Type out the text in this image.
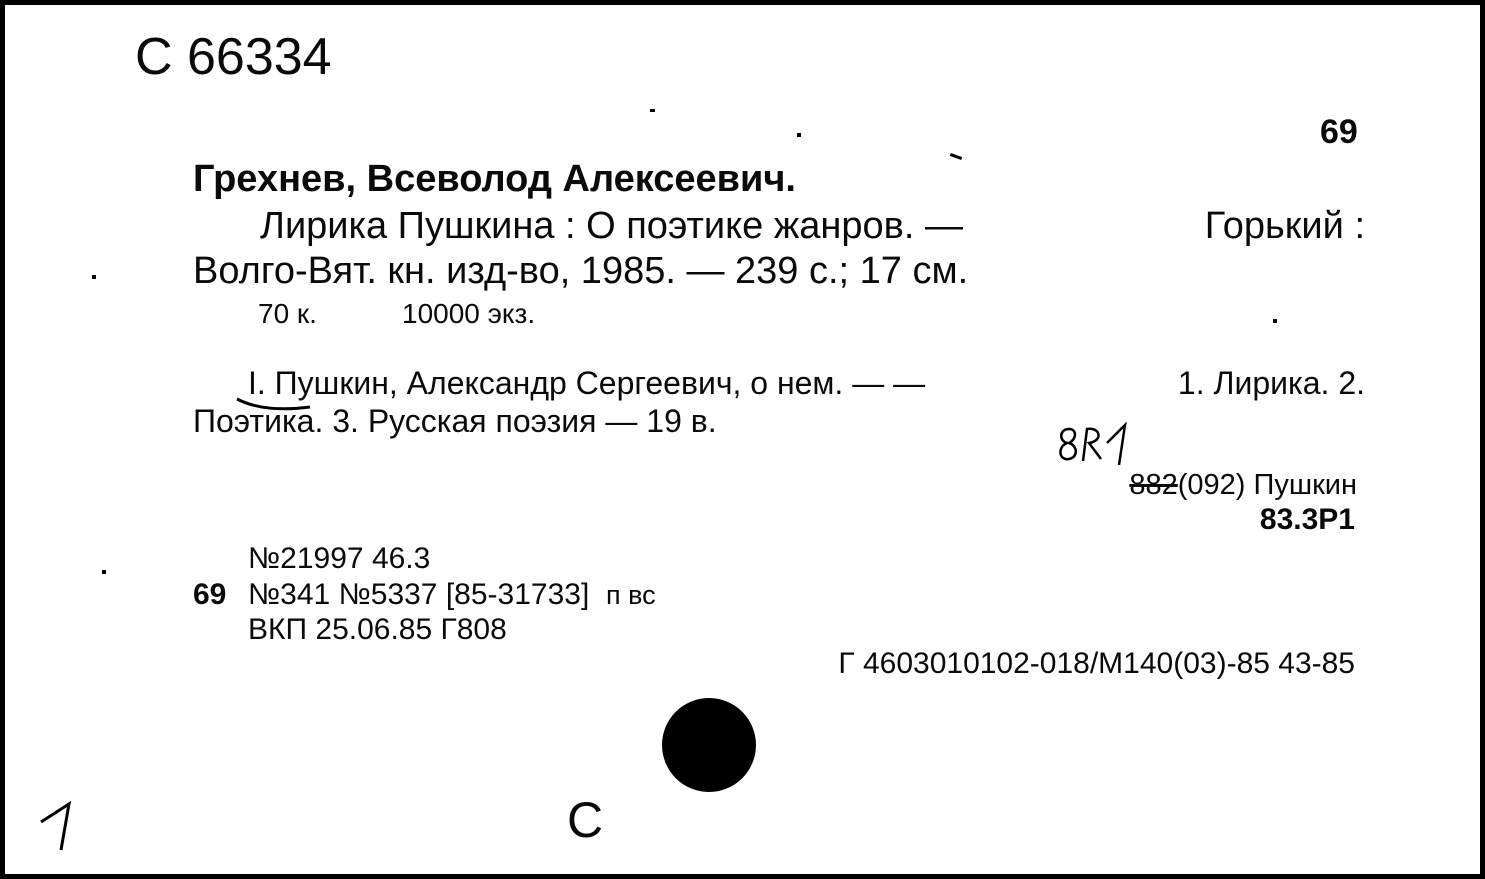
С 66334
69
Грехнев, Всеволод Алексеевич.
Лирика Пушкина : О поэтике жанров. —	Горький :
Волго-Вят. кн. изд-во, 1985. — 239 с.; 17 см.
70 к.	10000 экз.
I. Пушкин, Александр Сергеевич, о нем. — —	1. Лирика. 2.
Поэтика. 3. Русская поэзия — 19 в.
882(092) Пушкин
83.3Р1
№21997 46.3
69 №341 №5337 [85-31733] п вс
ВКП 25.06.85 Г808
Г 4603010102-018/М140(03)-85 43-85
С
